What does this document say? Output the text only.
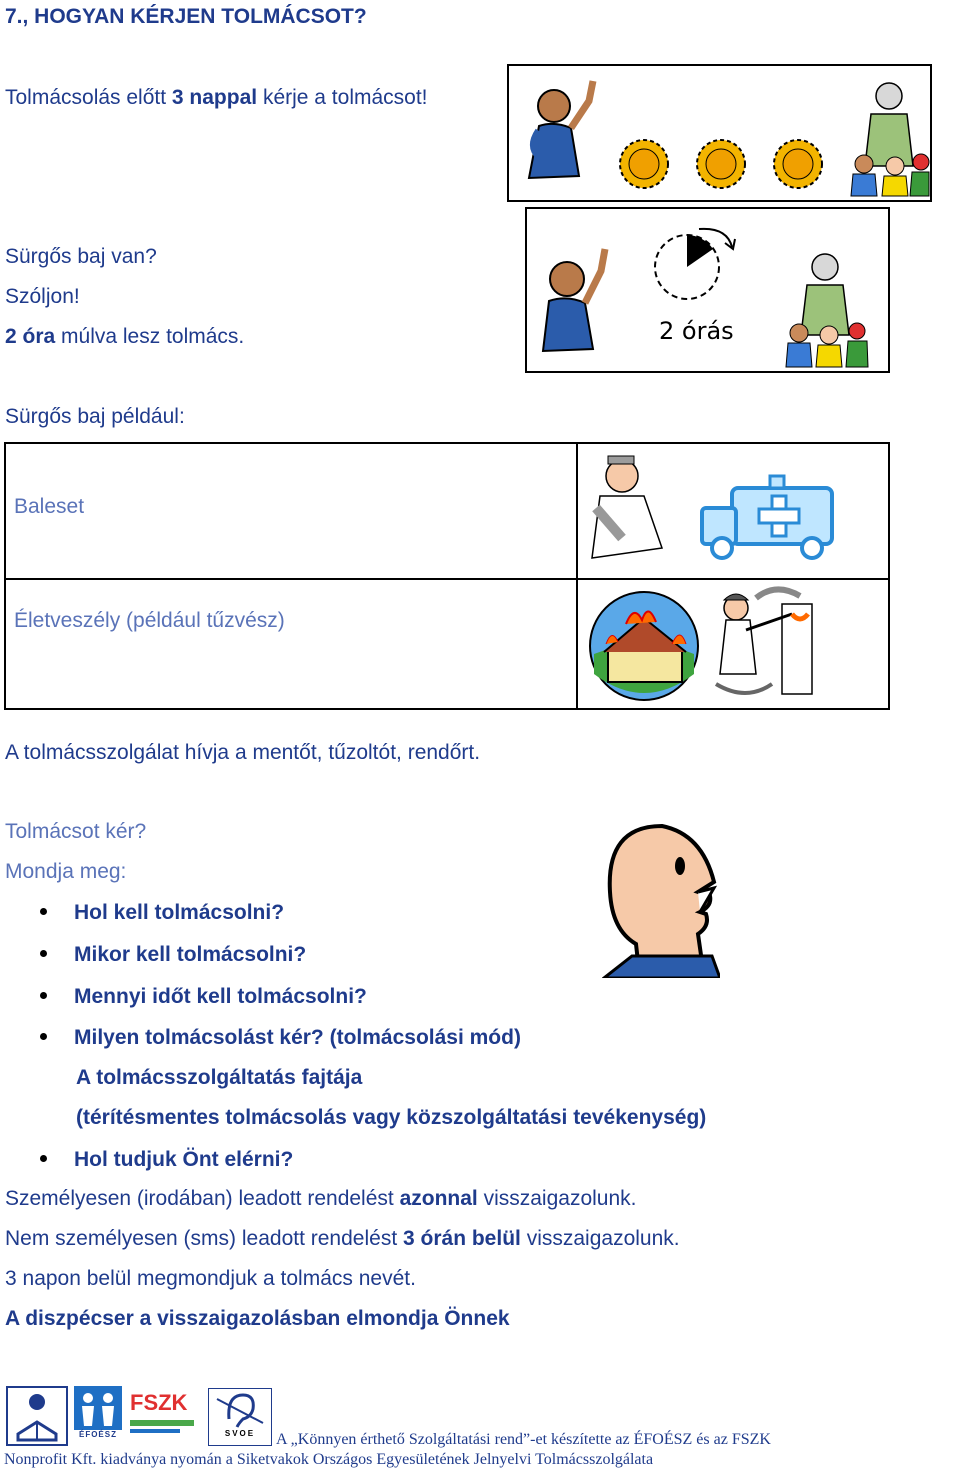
7., HOGYAN KÉRJEN TOLMÁCSOT?
Tolmácsolás előtt 3 nappal kérje a tolmácsot!
Sürgős baj van?
Szóljon!
2 óra múlva lesz tolmács.	2 órás
Sürgős baj például:
Baleset
Életveszély (például tűzvész)
A tolmácsszolgálat hívja a mentőt, tűzoltót, rendőrt.
Tolmácsot kér?
Mondja meg:
Hol kell tolmácsolni?
Mikor kell tolmácsolni?
Mennyi időt kell tolmácsolni?
Milyen tolmácsolást kér? (tolmácsolási mód)
A tolmácsszolgáltatás fajtája
(térítésmentes tolmácsolás vagy közszolgáltatási tevékenység)
Hol tudjuk Önt elérni?
Személyesen (irodában) leadott rendelést azonnal visszaigazolunk.
Nem személyesen (sms) leadott rendelést 3 órán belül visszaigazolunk.
3 napon belül megmondjuk a tolmács nevét.
A diszpécser a visszaigazolásban elmondja Önnek
ÉFOÉSZ
FSZK
SVOE	A „Könnyen érthető Szolgáltatási rend”-et készítette az ÉFOÉSZ és az FSZK
Nonprofit Kft. kiadványa nyomán a Siketvakok Országos Egyesületének Jelnyelvi Tolmácsszolgálata
